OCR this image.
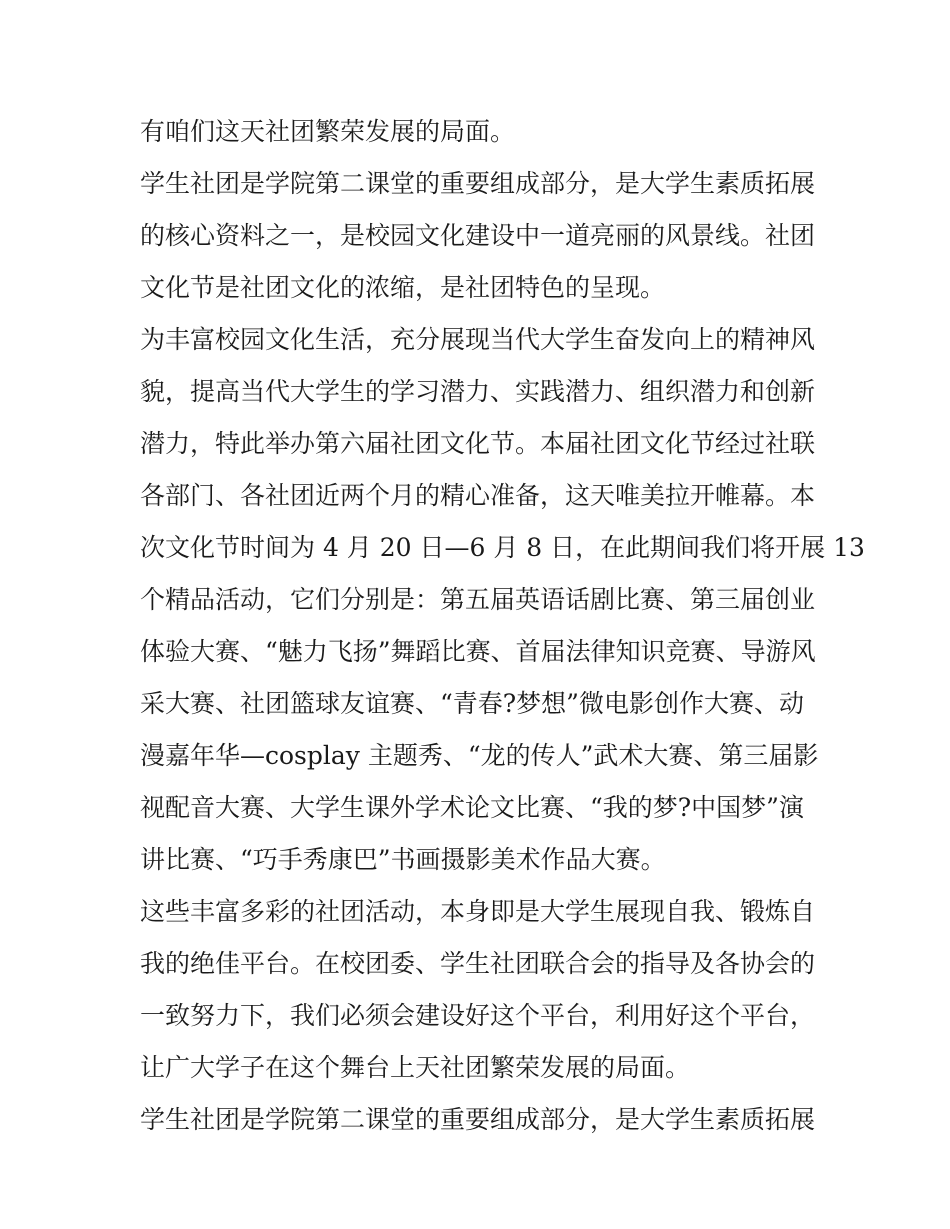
有咱们这天社团繁荣发展的局面。
学生社团是学院第二课堂的重要组成部分，是大学生素质拓展
的核心资料之一，是校园文化建设中一道亮丽的风景线。社团
文化节是社团文化的浓缩，是社团特色的呈现。
为丰富校园文化生活，充分展现当代大学生奋发向上的精神风
貌，提高当代大学生的学习潜力、实践潜力、组织潜力和创新
潜力，特此举办第六届社团文化节。本届社团文化节经过社联
各部门、各社团近两个月的精心准备，这天唯美拉开帷幕。本
次文化节时间为 4 月 20 日—6 月 8 日，在此期间我们将开展 13
个精品活动，它们分别是：第五届英语话剧比赛、第三届创业
体验大赛、“魅力飞扬”舞蹈比赛、首届法律知识竞赛、导游风
采大赛、社团篮球友谊赛、“青春?梦想”微电影创作大赛、动
漫嘉年华—cosplay 主题秀、“龙的传人”武术大赛、第三届影
视配音大赛、大学生课外学术论文比赛、“我的梦?中国梦”演
讲比赛、“巧手秀康巴”书画摄影美术作品大赛。
这些丰富多彩的社团活动，本身即是大学生展现自我、锻炼自
我的绝佳平台。在校团委、学生社团联合会的指导及各协会的
一致努力下，我们必须会建设好这个平台，利用好这个平台，
让广大学子在这个舞台上天社团繁荣发展的局面。
学生社团是学院第二课堂的重要组成部分，是大学生素质拓展
